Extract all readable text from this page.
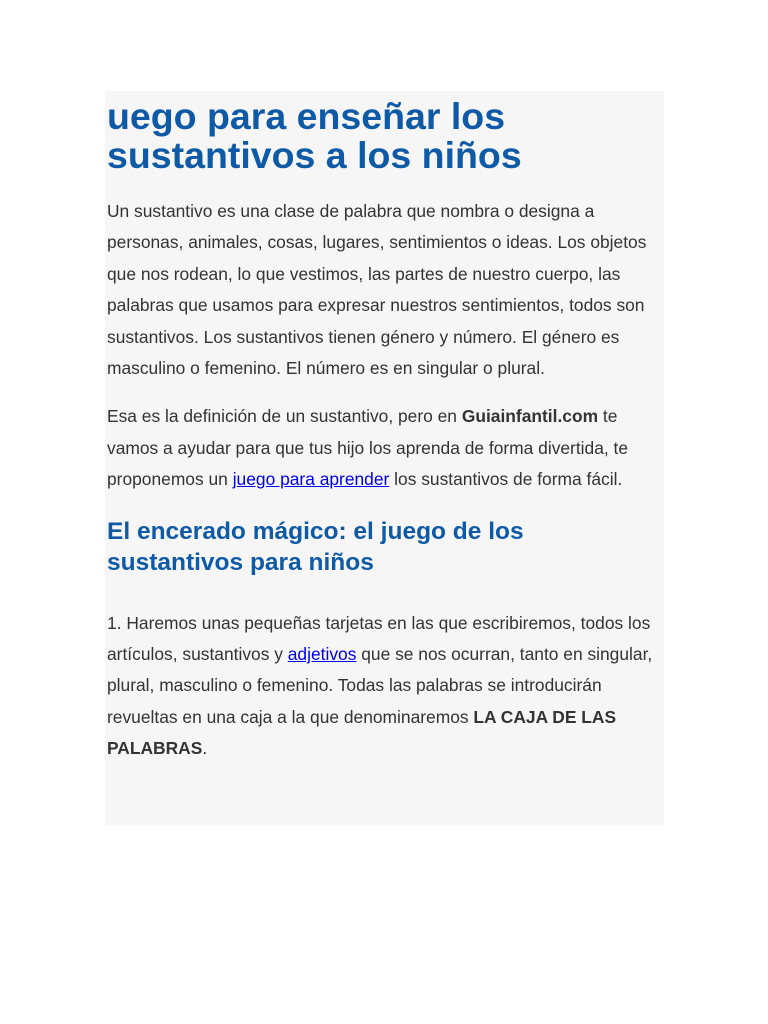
uego para enseñar los
sustantivos a los niños

Un sustantivo es una clase de palabra que nombra o designa a personas, animales, cosas, lugares, sentimientos o ideas. Los objetos que nos rodean, lo que vestimos, las partes de nuestro cuerpo, las palabras que usamos para expresar nuestros sentimientos, todos son sustantivos. Los sustantivos tienen género y número. El género es masculino o femenino. El número es en singular o plural.

Esa es la definición de un sustantivo, pero en Guiainfantil.com te vamos a ayudar para que tus hijo los aprenda de forma divertida, te proponemos un juego para aprender los sustantivos de forma fácil.

El encerado mágico: el juego de los
sustantivos para niños

1. Haremos unas pequeñas tarjetas en las que escribiremos, todos los artículos, sustantivos y adjetivos que se nos ocurran, tanto en singular, plural, masculino o femenino. Todas las palabras se introducirán revueltas en una caja a la que denominaremos LA CAJA DE LAS PALABRAS.
